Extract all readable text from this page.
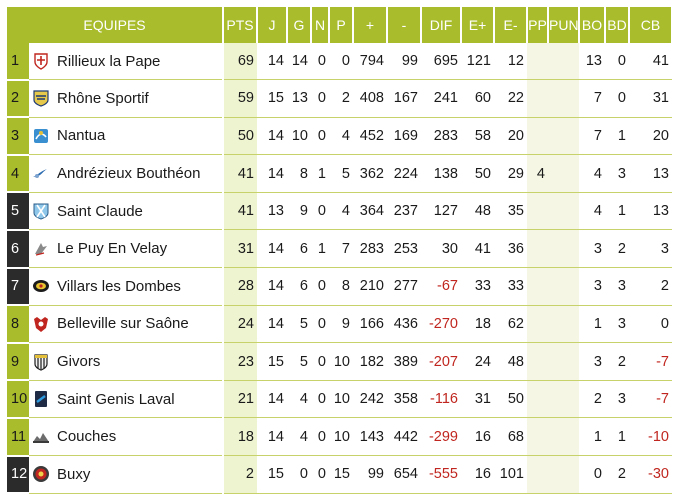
EQUIPES		PTS	J	G	N	P	+	-	DIF	E+	E-	PP	PUN	BO	BD	CB
1	Rillieux la Pape	69	14	14	0	0	794	99	695	121	12			13	0	41
2	Rhône Sportif	59	15	13	0	2	408	167	241	60	22			7	0	31
3	Nantua	50	14	10	0	4	452	169	283	58	20			7	1	20
4	Andrézieux Bouthéon	41	14	8	1	5	362	224	138	50	29	4		4	3	13
5	Saint Claude	41	13	9	0	4	364	237	127	48	35			4	1	13
6	Le Puy En Velay	31	14	6	1	7	283	253	30	41	36			3	2	3
7	Villars les Dombes	28	14	6	0	8	210	277	-67	33	33			3	3	2
8	Belleville sur Saône	24	14	5	0	9	166	436	-270	18	62			1	3	0
9	Givors	23	15	5	0	10	182	389	-207	24	48			3	2	-7
10	Saint Genis Laval	21	14	4	0	10	242	358	-116	31	50			2	3	-7
11	Couches	18	14	4	0	10	143	442	-299	16	68			1	1	-10
12	Buxy	2	15	0	0	15	99	654	-555	16	101			0	2	-30
